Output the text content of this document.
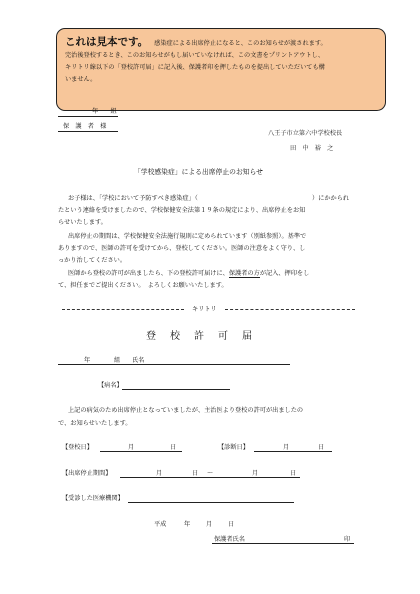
これは見本です。 感染症による出席停止になると、このお知らせが渡されます。

完治後登校するとき、このお知らせがもし届いていなければ、この文書をプリントアウトし、

キリトリ線以下の「登校許可届」に記入後、保護者印を押したものを提出していただいても構

いません。

年　　組
保　護　者　様
八王子市立第六中学校校長
田　中　裕　之
「学校感染症」による出席停止のお知らせ
お子様は、「学校において予防すべき感染症」（	）にかかられ
たという連絡を受けましたので、学校保健安全法第１９条の規定により、出席停止をお知
らせいたします。
出席停止の期間は、学校保健安全法施行規則に定められています（別紙参照）。基準で
ありますので、医師の許可を受けてから、登校してください。医師の注意をよく守り、し
っかり治してください。
医師から登校の許可が出ましたら、下の登校許可届けに、保護者の方が記入、押印をし
て、担任までご提出ください。　よろしくお願いいたします。
キリトリ
登校許可届
年	組 氏名
【病名】
上記の病気のため出席停止となっていましたが、主治医より登校の許可が出ましたの
で、お知らせいたします。
【登校日】	月	日	【診断日】	月	日
【出席停止期間】	月	日 〜	月	日
【受診した医療機関】
平成	年	月	日
保護者氏名	印
